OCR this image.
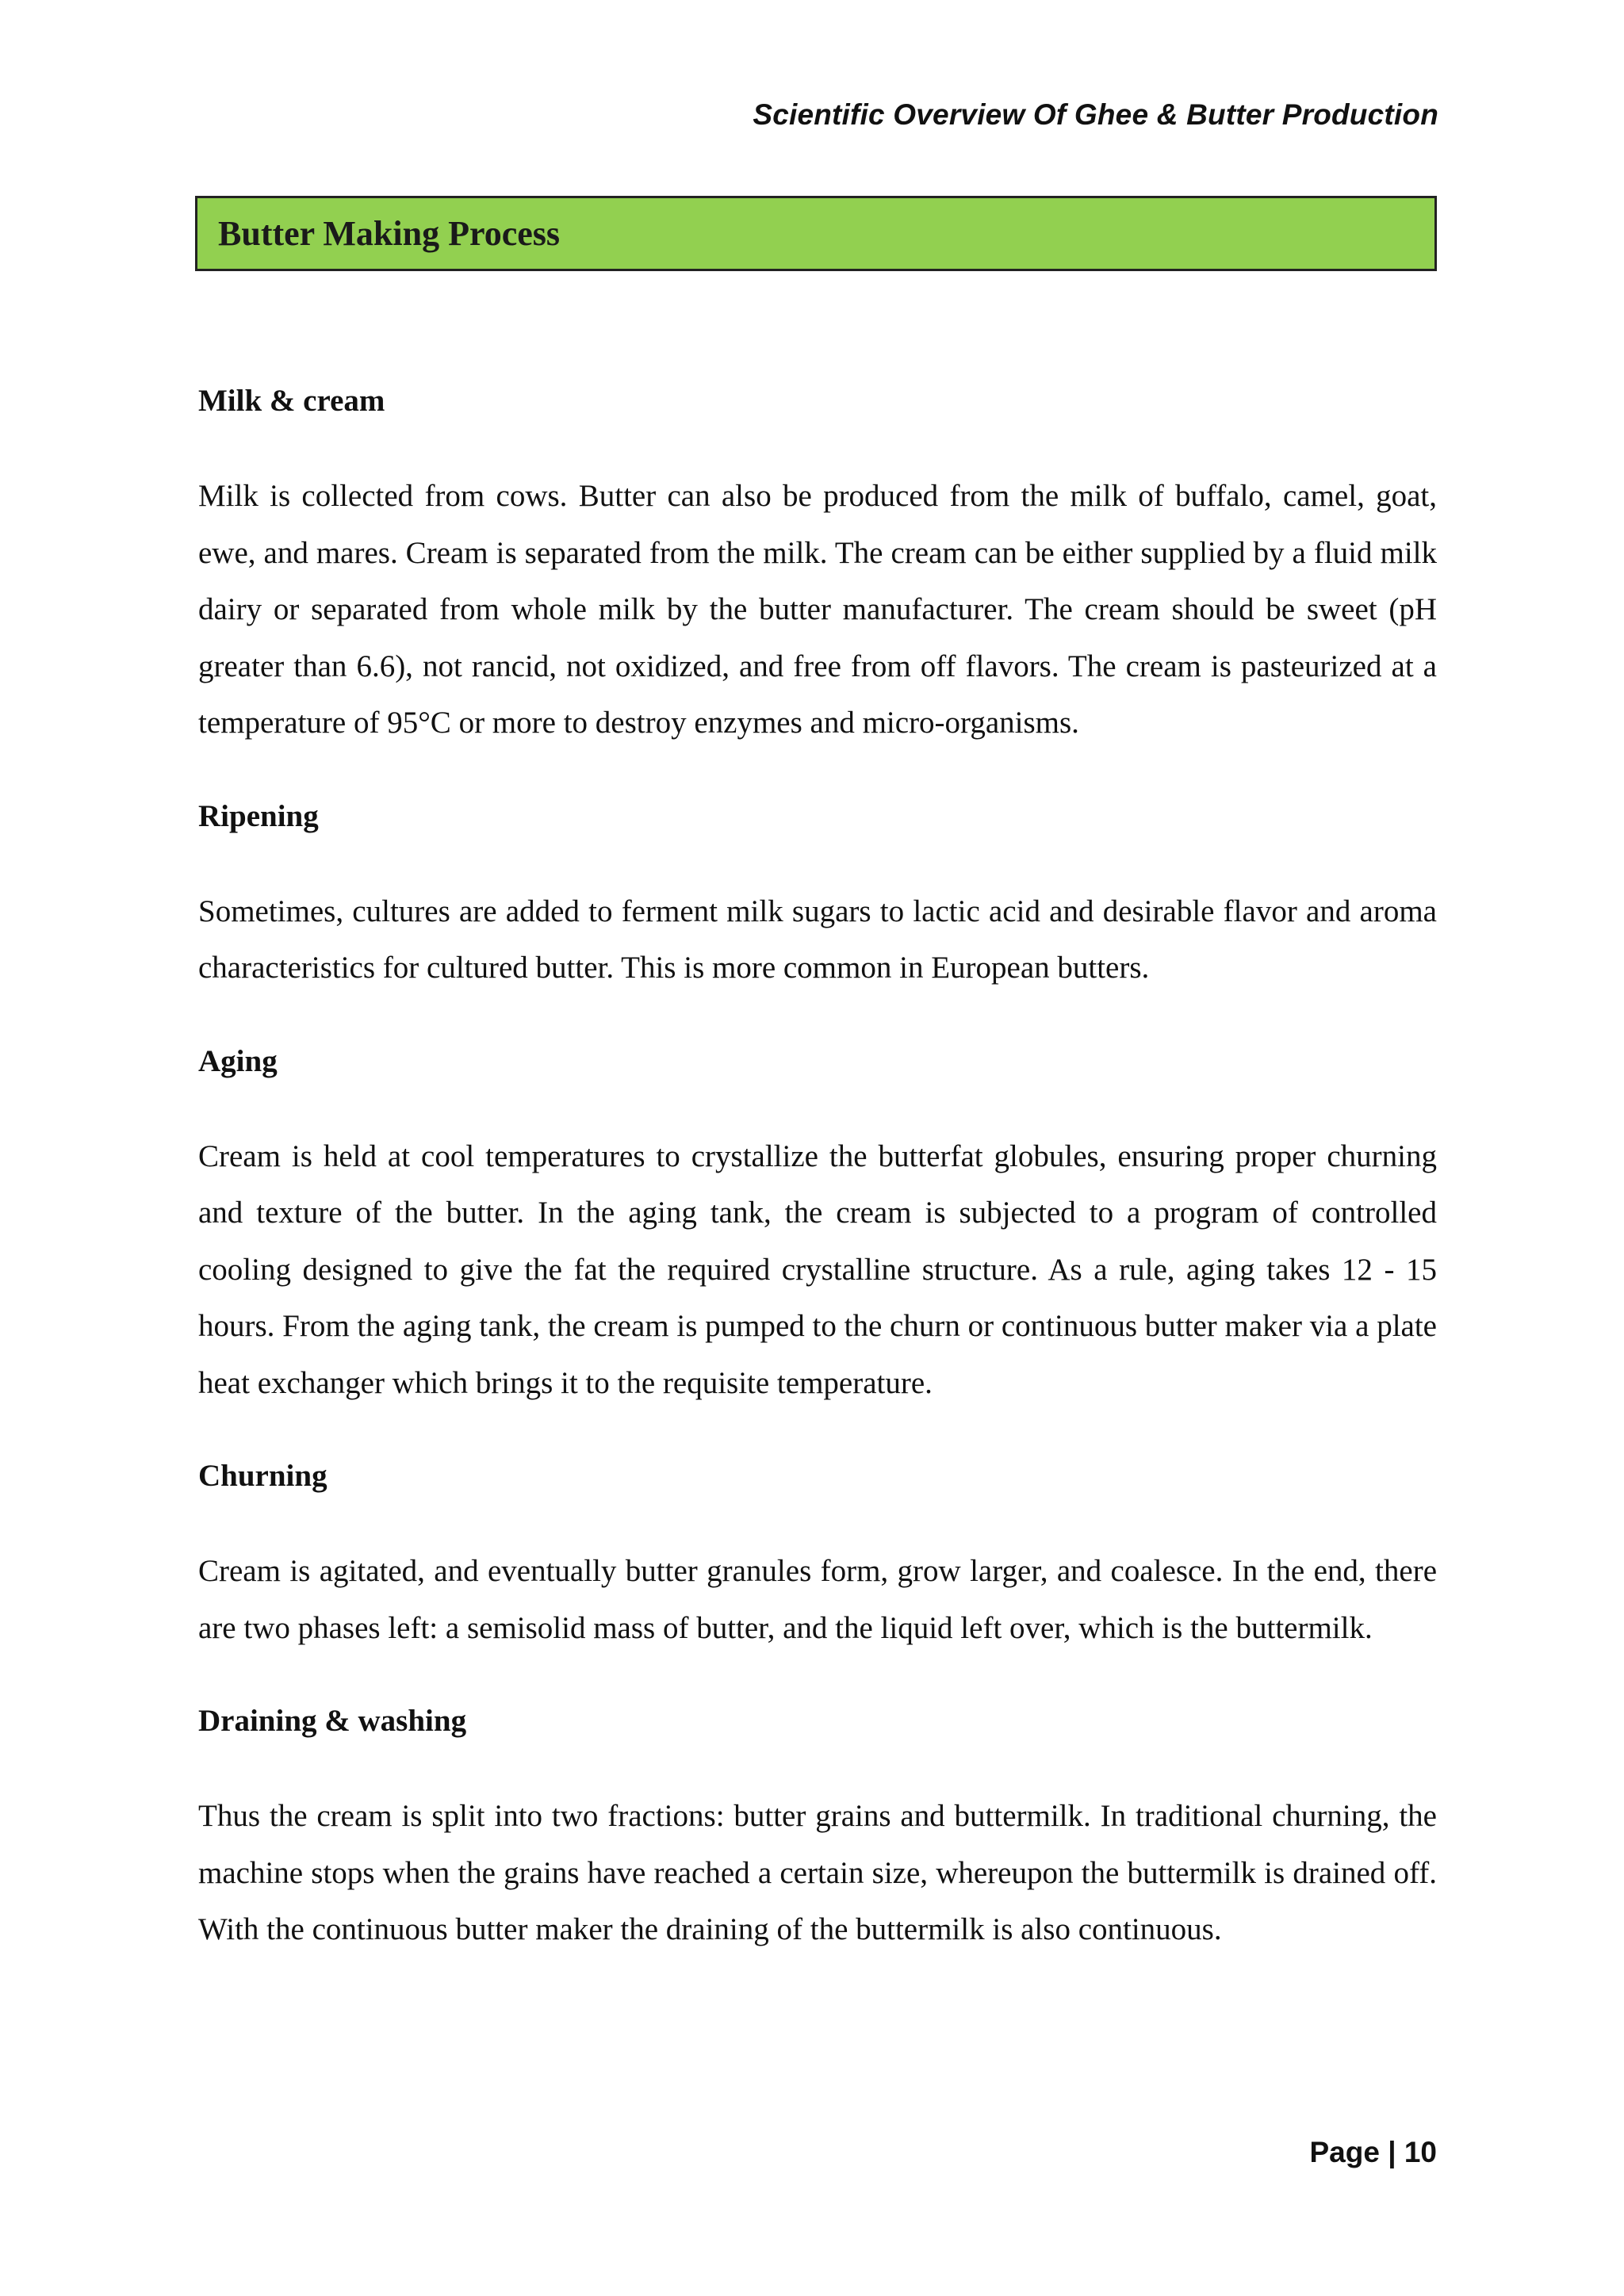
Scientific Overview Of Ghee & Butter Production
Butter Making Process
Milk & cream

Milk is collected from cows. Butter can also be produced from the milk of buffalo, camel, goat, ewe, and mares. Cream is separated from the milk. The cream can be either supplied by a fluid milk dairy or separated from whole milk by the butter manufacturer. The cream should be sweet (pH greater than 6.6), not rancid, not oxidized, and free from off flavors. The cream is pasteurized at a temperature of 95°C or more to destroy enzymes and micro-organisms.

Ripening

Sometimes, cultures are added to ferment milk sugars to lactic acid and desirable flavor and aroma characteristics for cultured butter. This is more common in European butters.

Aging

Cream is held at cool temperatures to crystallize the butterfat globules, ensuring proper churning and texture of the butter. In the aging tank, the cream is subjected to a program of controlled cooling designed to give the fat the required crystalline structure. As a rule, aging takes 12 - 15 hours. From the aging tank, the cream is pumped to the churn or continuous butter maker via a plate heat exchanger which brings it to the requisite temperature.

Churning

Cream is agitated, and eventually butter granules form, grow larger, and coalesce. In the end, there are two phases left: a semisolid mass of butter, and the liquid left over, which is the buttermilk.

Draining & washing

Thus the cream is split into two fractions: butter grains and buttermilk. In traditional churning, the machine stops when the grains have reached a certain size, whereupon the buttermilk is drained off. With the continuous butter maker the draining of the buttermilk is also continuous.

Page | 10
